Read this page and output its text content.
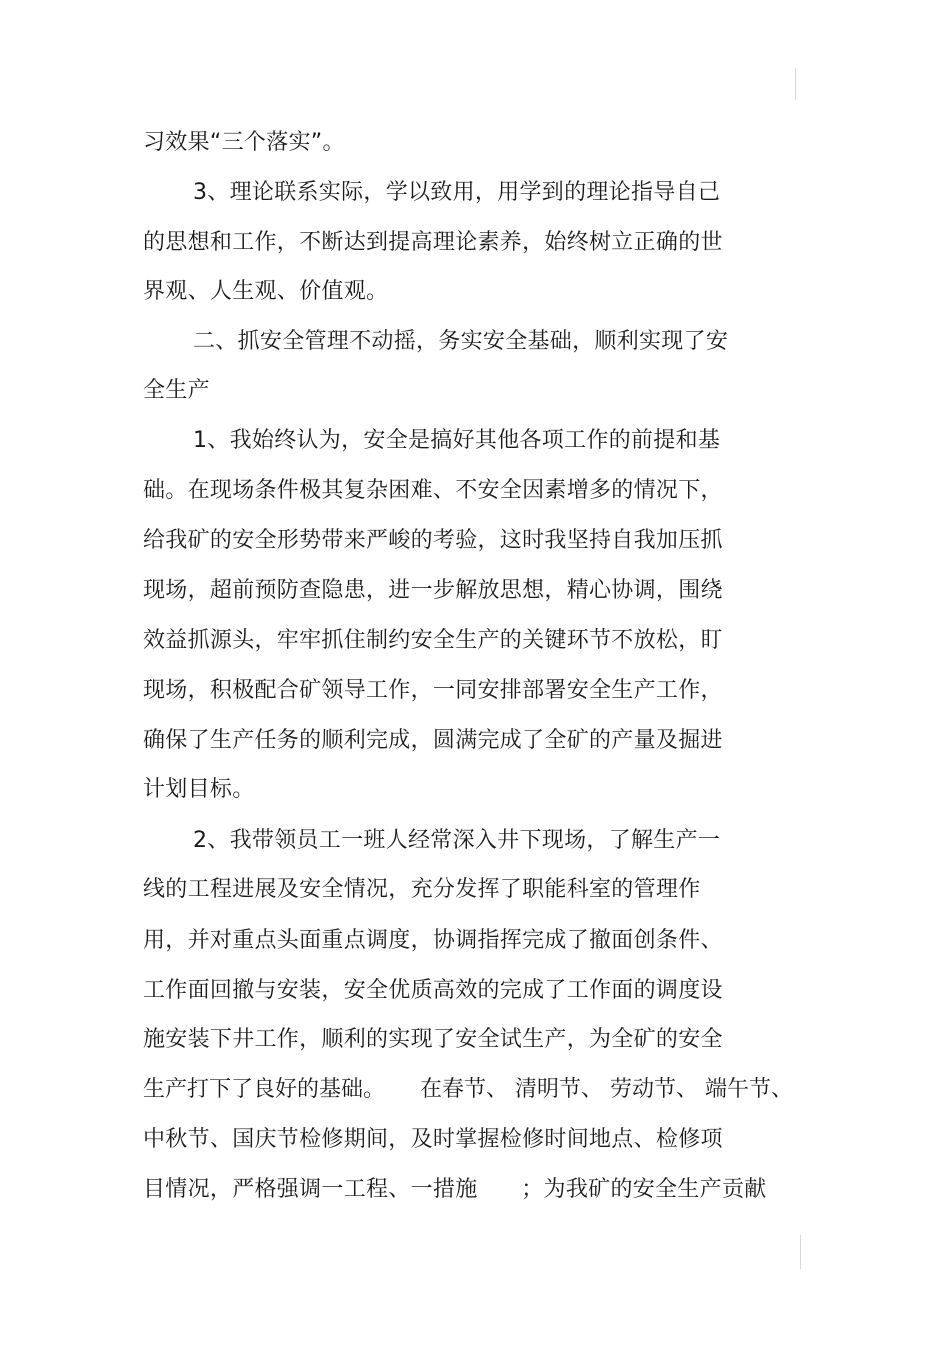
习效果“三个落实”。
3、理论联系实际，学以致用，用学到的理论指导自己
的思想和工作，不断达到提高理论素养，始终树立正确的世
界观、人生观、价值观。
二、抓安全管理不动摇，务实安全基础，顺利实现了安
全生产
1、我始终认为，安全是搞好其他各项工作的前提和基
础。在现场条件极其复杂困难、不安全因素增多的情况下，
给我矿的安全形势带来严峻的考验，这时我坚持自我加压抓
现场，超前预防查隐患，进一步解放思想，精心协调，围绕
效益抓源头，牢牢抓住制约安全生产的关键环节不放松，盯
现场，积极配合矿领导工作，一同安排部署安全生产工作，
确保了生产任务的顺利完成，圆满完成了全矿的产量及掘进
计划目标。
2、我带领员工一班人经常深入井下现场，了解生产一
线的工程进展及安全情况，充分发挥了职能科室的管理作
用，并对重点头面重点调度，协调指挥完成了撤面创条件、
工作面回撤与安装，安全优质高效的完成了工作面的调度设
施安装下井工作，顺利的实现了安全试生产，为全矿的安全
生产打下了良好的基础。     在春节、 清明节、 劳动节、 端午节、
中秋节、国庆节检修期间，及时掌握检修时间地点、检修项
目情况，严格强调一工程、一措施      ；为我矿的安全生产贡献
